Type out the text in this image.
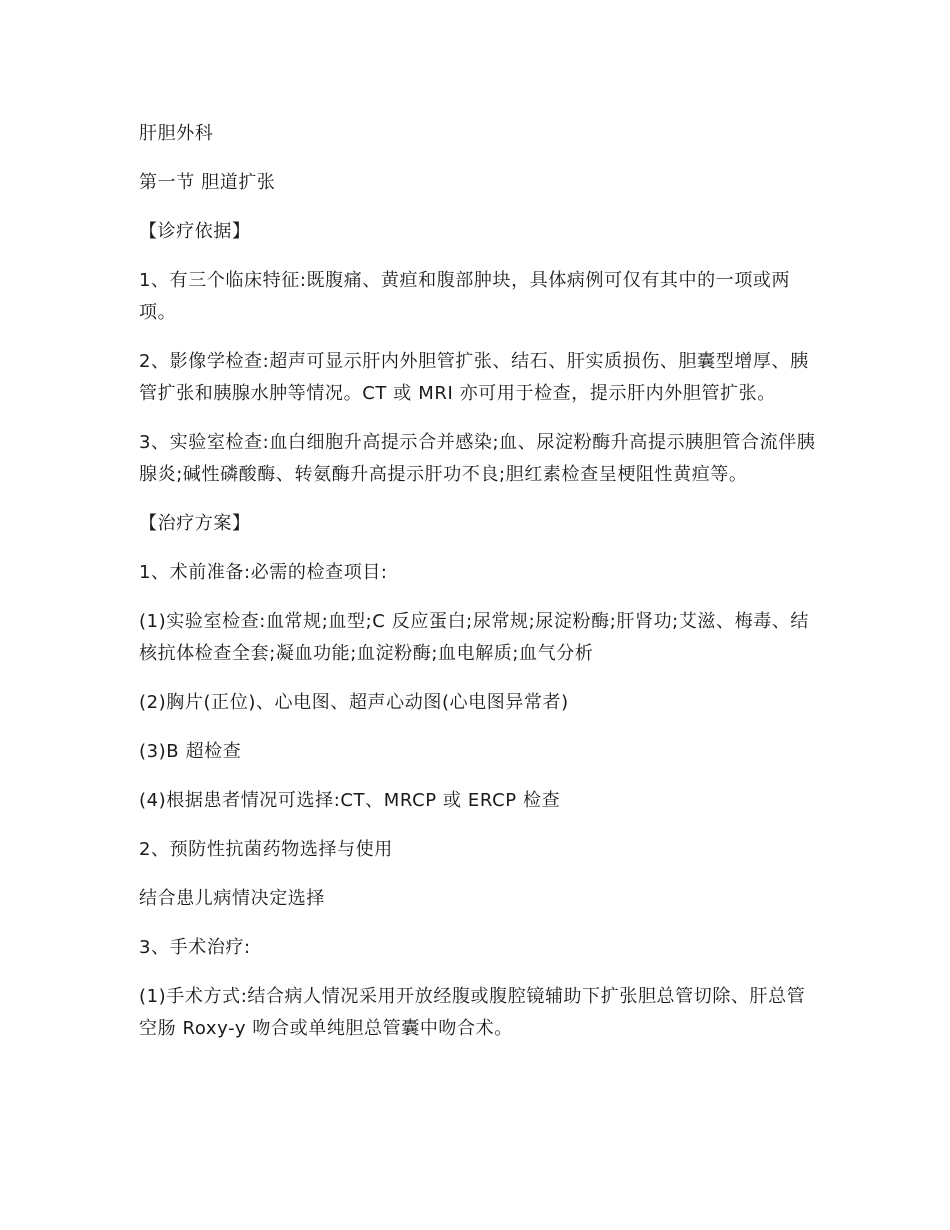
肝胆外科

第一节 胆道扩张

【诊疗依据】

1、有三个临床特征:既腹痛、黄疸和腹部肿块，具体病例可仅有其中的一项或两项。

2、影像学检查:超声可显示肝内外胆管扩张、结石、肝实质损伤、胆囊型增厚、胰管扩张和胰腺水肿等情况。CT 或 MRI 亦可用于检查，提示肝内外胆管扩张。

3、实验室检查:血白细胞升高提示合并感染;血、尿淀粉酶升高提示胰胆管合流伴胰腺炎;碱性磷酸酶、转氨酶升高提示肝功不良;胆红素检查呈梗阻性黄疸等。

【治疗方案】

1、术前准备:必需的检查项目:

(1)实验室检查:血常规;血型;C 反应蛋白;尿常规;尿淀粉酶;肝肾功;艾滋、梅毒、结核抗体检查全套;凝血功能;血淀粉酶;血电解质;血气分析

(2)胸片(正位)、心电图、超声心动图(心电图异常者)

(3)B 超检查

(4)根据患者情况可选择:CT、MRCP 或 ERCP 检查

2、预防性抗菌药物选择与使用

结合患儿病情决定选择

3、手术治疗:

(1)手术方式:结合病人情况采用开放经腹或腹腔镜辅助下扩张胆总管切除、肝总管空肠 Roxy-y 吻合或单纯胆总管囊中吻合术。
